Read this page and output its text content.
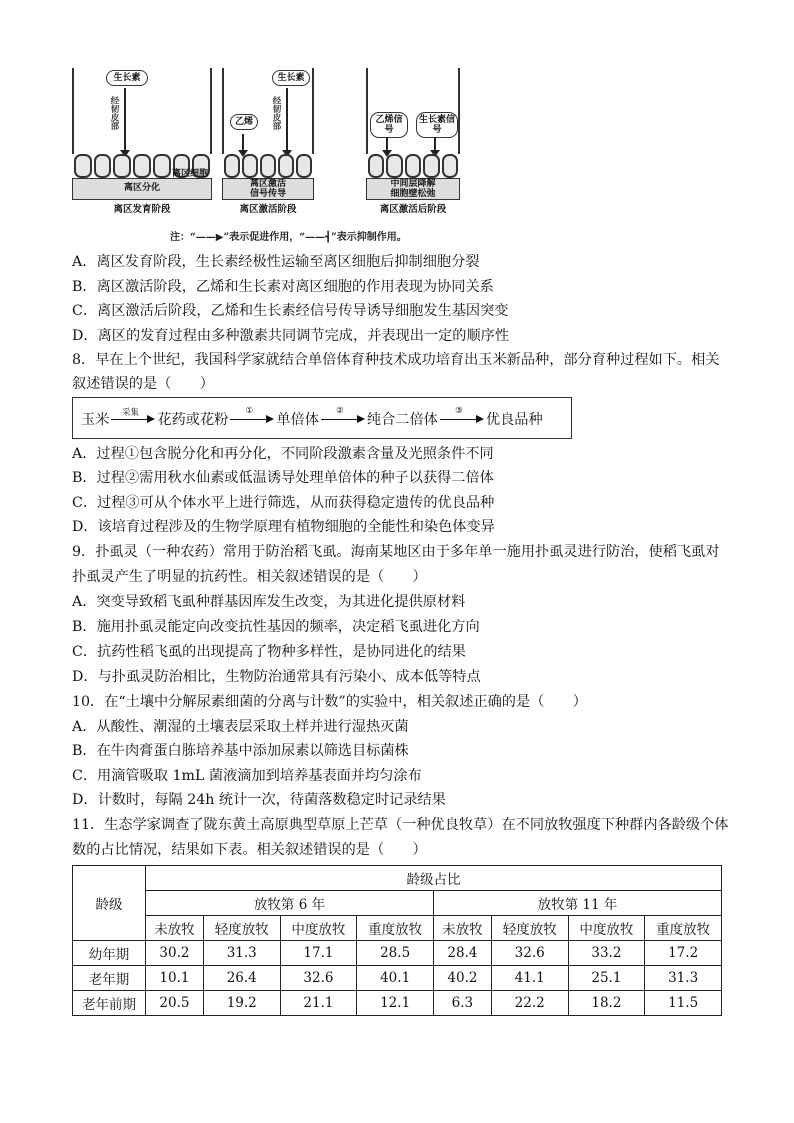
生长素
经韧皮部
离区分化
离区发育阶段
离区细胞
生长素
乙烯	经韧皮部
离区激活
信号传导
离区激活阶段
乙烯信号
生长素信号
中间层降解
细胞壁松弛
离区激活后阶段
注：“——▶”表示促进作用，“——┫”表示抑制作用。
A．离区发育阶段，生长素经极性运输至离区细胞后抑制细胞分裂
B．离区激活阶段，乙烯和生长素对离区细胞的作用表现为协同关系
C．离区激活后阶段，乙烯和生长素经信号传导诱导细胞发生基因突变
D．离区的发育过程由多种激素共同调节完成，并表现出一定的顺序性
8．早在上个世纪，我国科学家就结合单倍体育种技术成功培育出玉米新品种，部分育种过程如下。相关
叙述错误的是（　　）
玉米	采集	花药或花粉
①
单倍体
②
纯合二倍体
③
优良品种
A．过程①包含脱分化和再分化，不同阶段激素含量及光照条件不同
B．过程②需用秋水仙素或低温诱导处理单倍体的种子以获得二倍体
C．过程③可从个体水平上进行筛选，从而获得稳定遗传的优良品种
D．该培育过程涉及的生物学原理有植物细胞的全能性和染色体变异
9．扑虱灵（一种农药）常用于防治稻飞虱。海南某地区由于多年单一施用扑虱灵进行防治，使稻飞虱对
扑虱灵产生了明显的抗药性。相关叙述错误的是（　　）
A．突变导致稻飞虱种群基因库发生改变，为其进化提供原材料
B．施用扑虱灵能定向改变抗性基因的频率，决定稻飞虱进化方向
C．抗药性稻飞虱的出现提高了物种多样性，是协同进化的结果
D．与扑虱灵防治相比，生物防治通常具有污染小、成本低等特点
10．在“土壤中分解尿素细菌的分离与计数”的实验中，相关叙述正确的是（　　）
A．从酸性、潮湿的土壤表层采取土样并进行湿热灭菌
B．在牛肉膏蛋白胨培养基中添加尿素以筛选目标菌株
C．用滴管吸取 1mL 菌液滴加到培养基表面并均匀涂布
D．计数时，每隔 24h 统计一次，待菌落数稳定时记录结果
11．生态学家调查了陇东黄土高原典型草原上芒草（一种优良牧草）在不同放牧强度下种群内各龄级个体
数的占比情况，结果如下表。相关叙述错误的是（　　）
龄级	龄级占比							
	放牧第 6 年				放牧第 11 年			
	未放牧	轻度放牧	中度放牧	重度放牧	未放牧	轻度放牧	中度放牧	重度放牧
幼年期	30.2	31.3	17.1	28.5	28.4	32.6	33.2	17.2
老年期	10.1	26.4	32.6	40.1	40.2	41.1	25.1	31.3
老年前期	20.5	19.2	21.1	12.1	6.3	22.2	18.2	11.5
